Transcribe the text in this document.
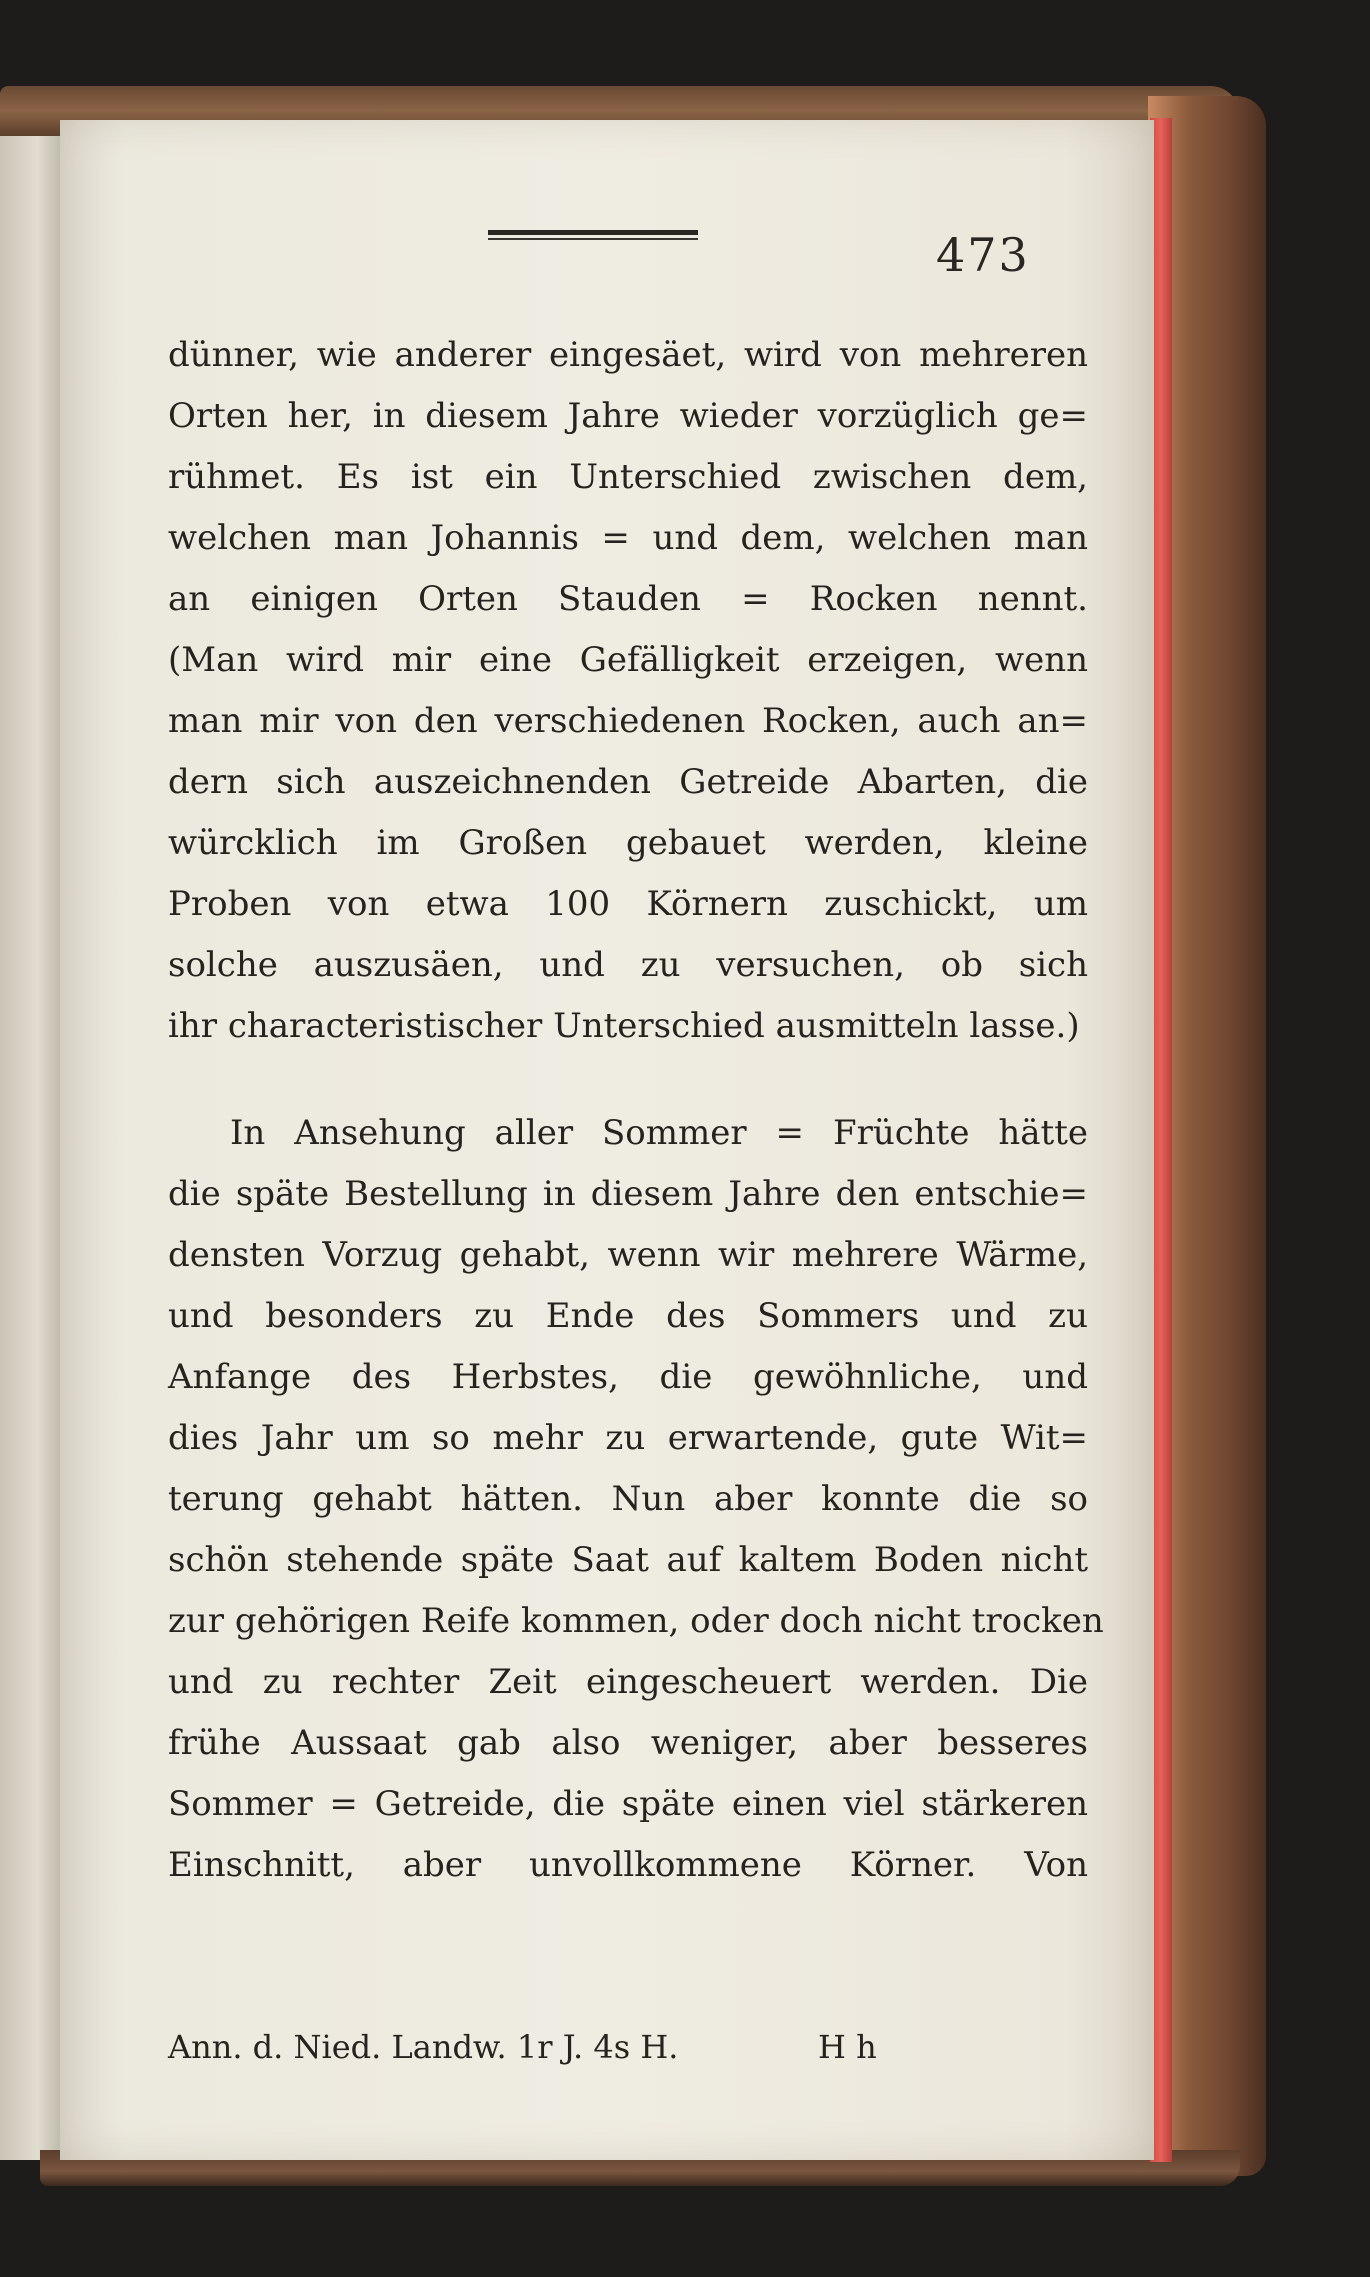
473
dünner, wie anderer eingesäet, wird von mehreren
Orten her, in diesem Jahre wieder vorzüglich ge=
rühmet. Es ist ein Unterschied zwischen dem,
welchen man Johannis = und dem, welchen man
an einigen Orten Stauden = Rocken nennt.
(Man wird mir eine Gefälligkeit erzeigen, wenn
man mir von den verschiedenen Rocken, auch an=
dern sich auszeichnenden Getreide Abarten, die
würcklich im Großen gebauet werden, kleine
Proben von etwa 100 Körnern zuschickt, um
solche auszusäen, und zu versuchen, ob sich
ihr characteristischer Unterschied ausmitteln lasse.)
In Ansehung aller Sommer = Früchte hätte
die späte Bestellung in diesem Jahre den entschie=
densten Vorzug gehabt, wenn wir mehrere Wärme,
und besonders zu Ende des Sommers und zu
Anfange des Herbstes, die gewöhnliche, und
dies Jahr um so mehr zu erwartende, gute Wit=
terung gehabt hätten. Nun aber konnte die so
schön stehende späte Saat auf kaltem Boden nicht
zur gehörigen Reife kommen, oder doch nicht trocken
und zu rechter Zeit eingescheuert werden. Die
frühe Aussaat gab also weniger, aber besseres
Sommer = Getreide, die späte einen viel stärkeren
Einschnitt, aber unvollkommene Körner. Von
Ann. d. Nied. Landw. 1r J. 4s H.	H h
